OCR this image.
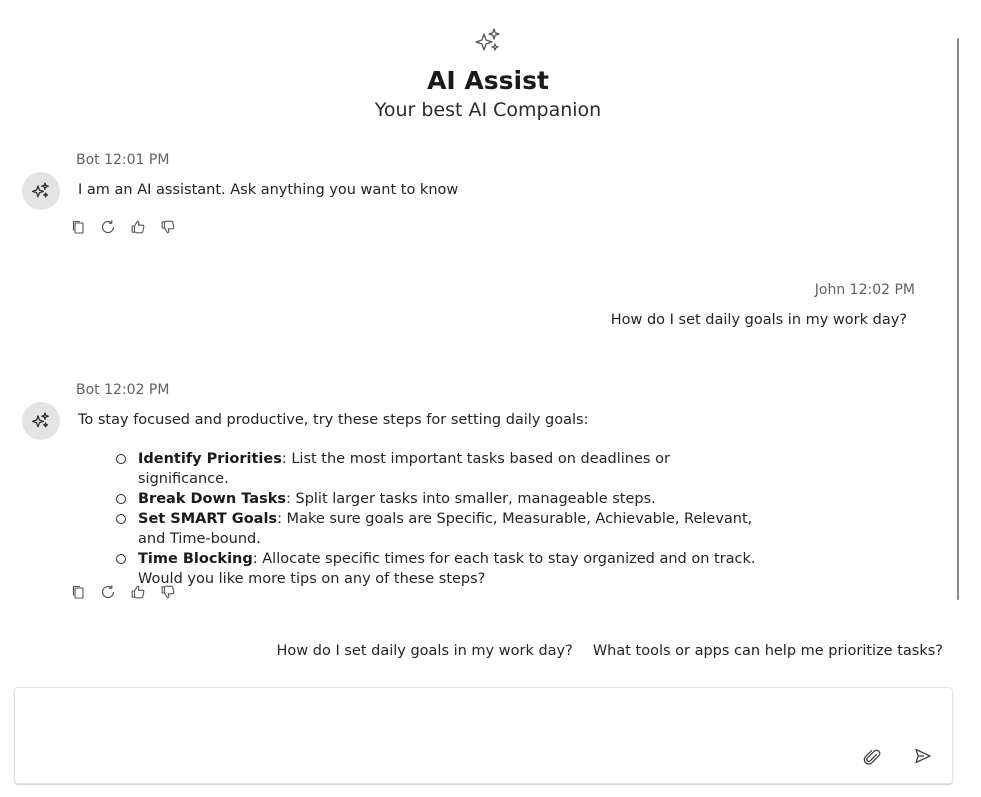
AI Assist
Your best AI Companion
Bot 12:01 PM
I am an AI assistant. Ask anything you want to know
John 12:02 PM
How do I set daily goals in my work day?
Bot 12:02 PM
To stay focused and productive, try these steps for setting daily goals:
Identify Priorities: List the most important tasks based on deadlines or significance.
Break Down Tasks: Split larger tasks into smaller, manageable steps.
Set SMART Goals: Make sure goals are Specific, Measurable, Achievable, Relevant, and Time-bound.
Time Blocking: Allocate specific times for each task to stay organized and on track. Would you like more tips on any of these steps?
How do I set daily goals in my work day? What tools or apps can help me prioritize tasks?
